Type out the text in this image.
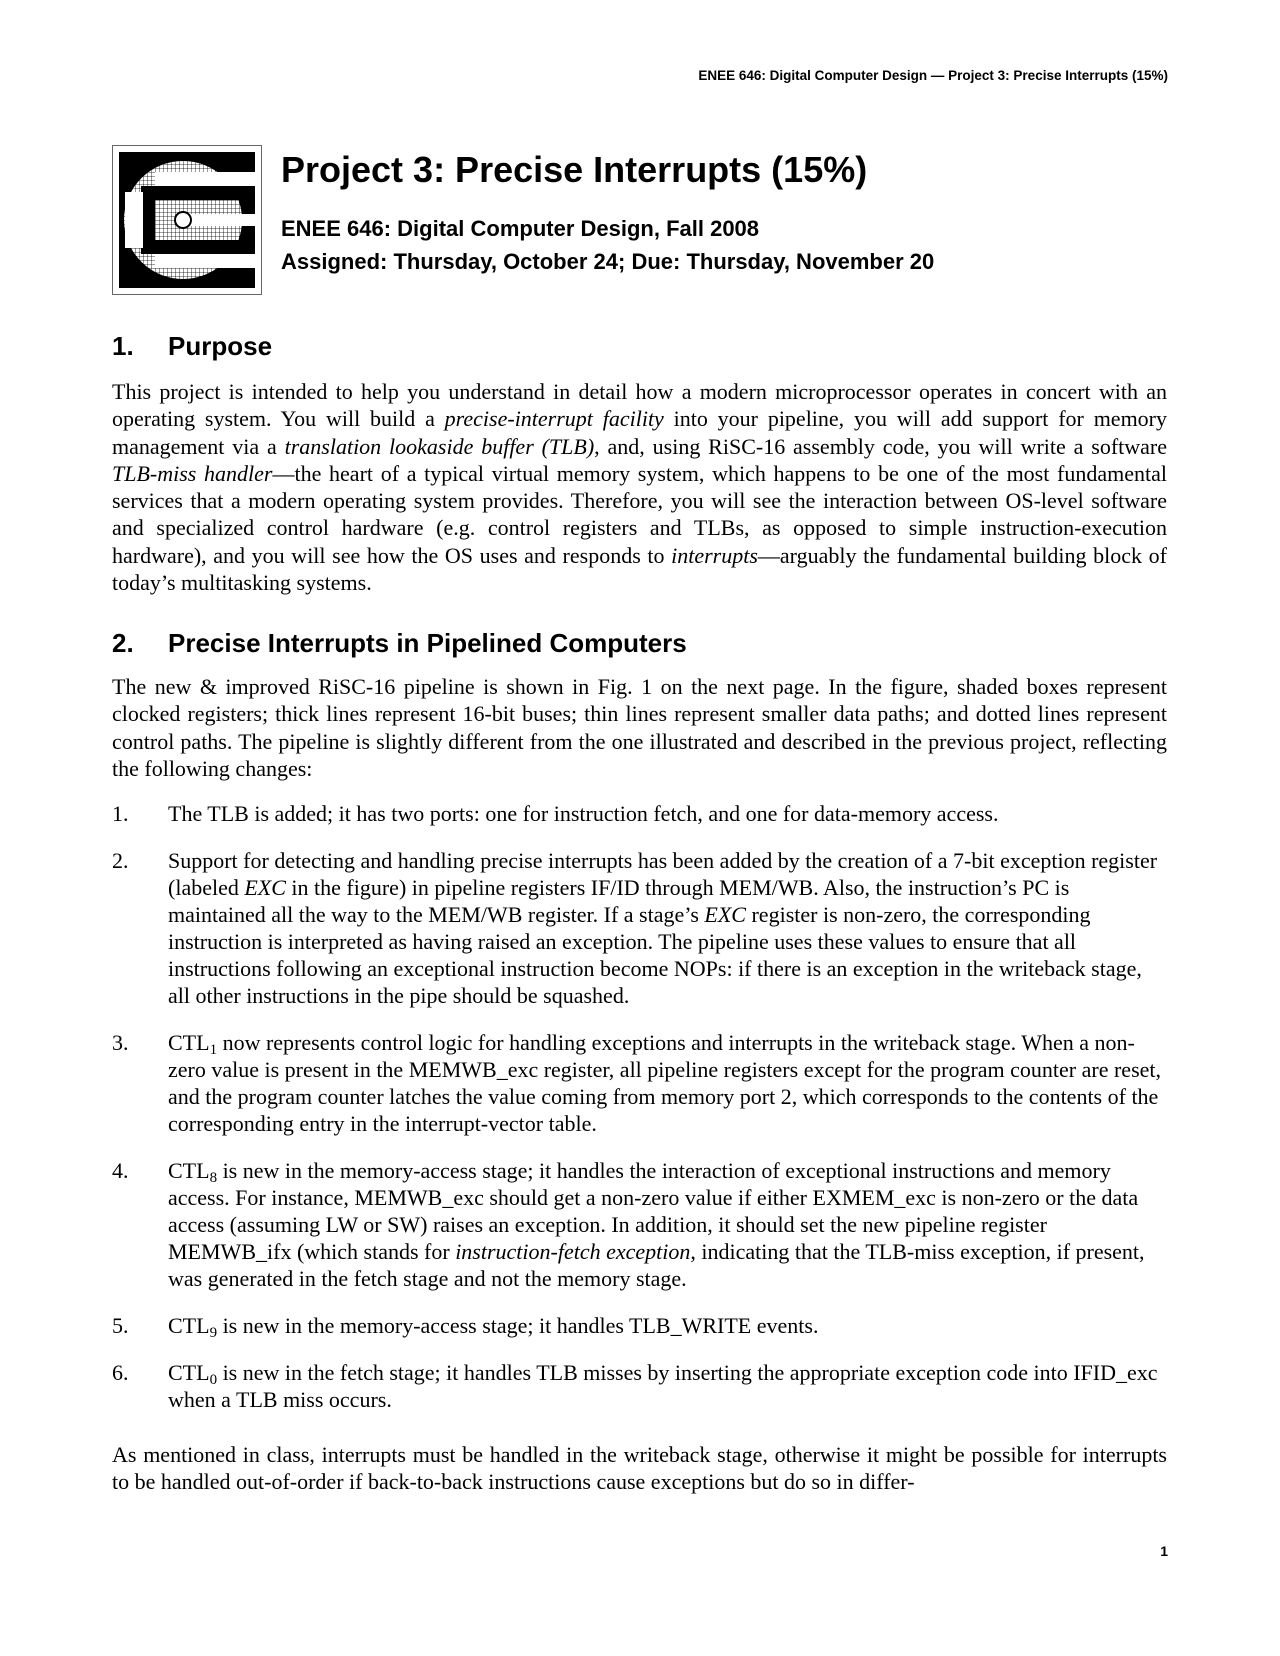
ENEE 646: Digital Computer Design — Project 3: Precise Interrupts (15%)
Project 3: Precise Interrupts (15%)
ENEE 646: Digital Computer Design, Fall 2008
Assigned: Thursday, October 24; Due: Thursday, November 20
1. Purpose

This project is intended to help you understand in detail how a modern microprocessor operates in concert with an operating system. You will build a precise-interrupt facility into your pipeline, you will add support for memory management via a translation lookaside buffer (TLB), and, using RiSC-16 assembly code, you will write a software TLB-miss handler—the heart of a typical virtual memory system, which happens to be one of the most fundamental services that a modern operating system provides. Therefore, you will see the interaction between OS-level software and specialized control hardware (e.g. control registers and TLBs, as opposed to simple instruction-execution hardware), and you will see how the OS uses and responds to interrupts—arguably the fundamental building block of today’s multitasking systems.

2. Precise Interrupts in Pipelined Computers

The new & improved RiSC-16 pipeline is shown in Fig. 1 on the next page. In the figure, shaded boxes represent clocked registers; thick lines represent 16-bit buses; thin lines represent smaller data paths; and dotted lines represent control paths. The pipeline is slightly different from the one illustrated and described in the previous project, reflecting the following changes:

1. The TLB is added; it has two ports: one for instruction fetch, and one for data-memory access.
2. Support for detecting and handling precise interrupts has been added by the creation of a 7-bit exception register (labeled EXC in the figure) in pipeline registers IF/ID through MEM/WB. Also, the instruction’s PC is maintained all the way to the MEM/WB register. If a stage’s EXC register is non-zero, the corresponding instruction is interpreted as having raised an exception. The pipeline uses these values to ensure that all instructions following an exceptional instruction become NOPs: if there is an exception in the writeback stage, all other instructions in the pipe should be squashed.
3. $CTL_1$ now represents control logic for handling exceptions and interrupts in the writeback stage. When a non-zero value is present in the MEMWB_exc register, all pipeline registers except for the program counter are reset, and the program counter latches the value coming from memory port 2, which corresponds to the contents of the corresponding entry in the interrupt-vector table.
4. $CTL_8$ is new in the memory-access stage; it handles the interaction of exceptional instructions and memory access. For instance, MEMWB_exc should get a non-zero value if either EXMEM_exc is non-zero or the data access (assuming LW or SW) raises an exception. In addition, it should set the new pipeline register MEMWB_ifx (which stands for instruction-fetch exception, indicating that the TLB-miss exception, if present, was generated in the fetch stage and not the memory stage.
5. $CTL_9$ is new in the memory-access stage; it handles TLB_WRITE events.
6. $CTL_0$ is new in the fetch stage; it handles TLB misses by inserting the appropriate exception code into IFID_exc when a TLB miss occurs.

As mentioned in class, interrupts must be handled in the writeback stage, otherwise it might be possible for interrupts to be handled out-of-order if back-to-back instructions cause exceptions but do so in differ-

1
